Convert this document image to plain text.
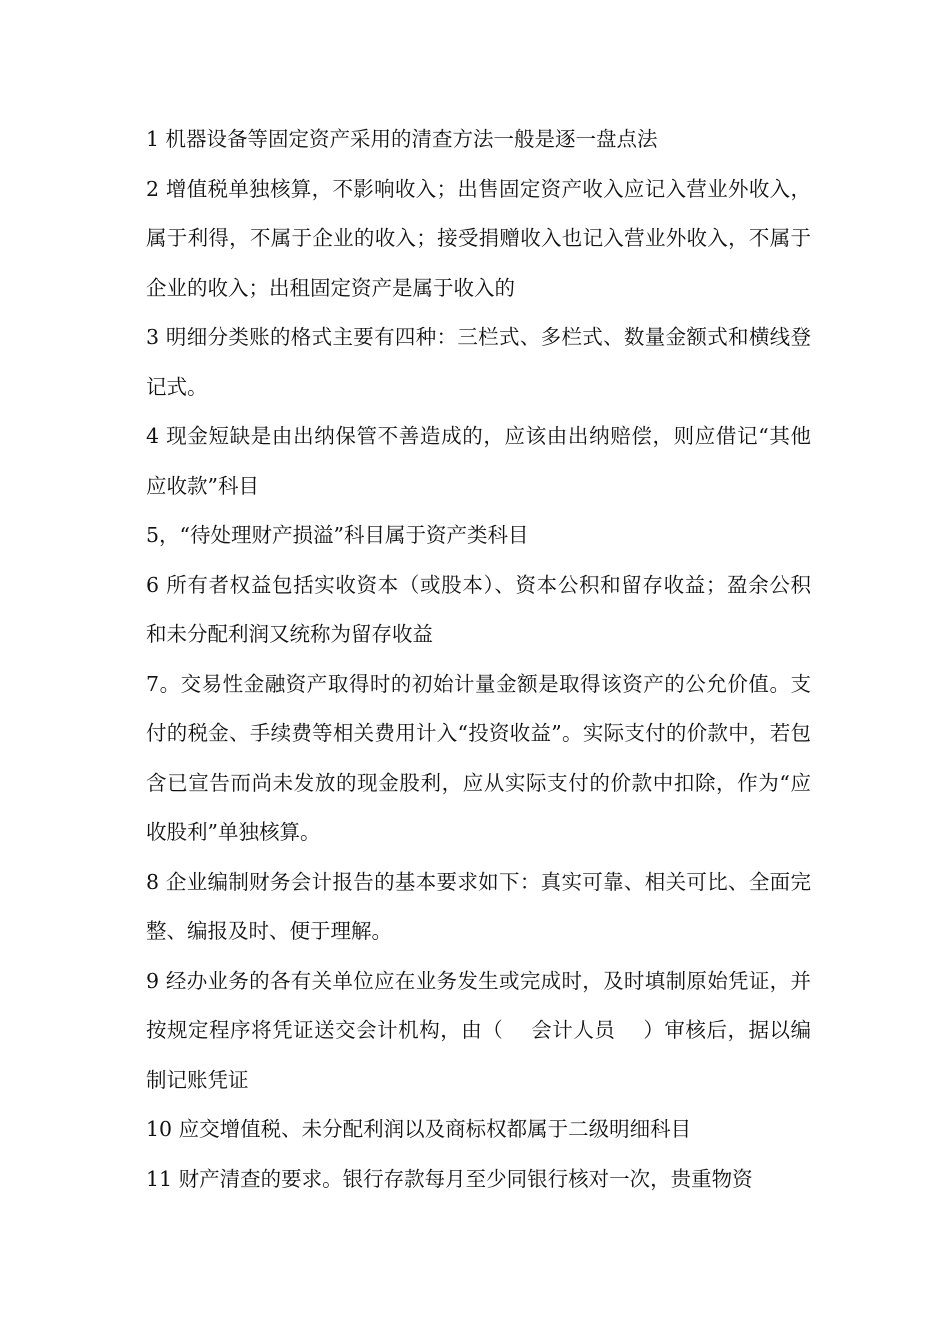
1 机器设备等固定资产采用的清查方法一般是逐一盘点法

2 增值税单独核算，不影响收入；出售固定资产收入应记入营业外收入，属于利得，不属于企业的收入；接受捐赠收入也记入营业外收入，不属于企业的收入；出租固定资产是属于收入的

3 明细分类账的格式主要有四种：三栏式、多栏式、数量金额式和横线登记式。

4 现金短缺是由出纳保管不善造成的，应该由出纳赔偿，则应借记“其他应收款”科目

5，“待处理财产损溢”科目属于资产类科目

6 所有者权益包括实收资本（或股本）、资本公积和留存收益；盈余公积和未分配利润又统称为留存收益

7。交易性金融资产取得时的初始计量金额是取得该资产的公允价值。支付的税金、手续费等相关费用计入“投资收益”。实际支付的价款中，若包含已宣告而尚未发放的现金股利，应从实际支付的价款中扣除，作为“应收股利”单独核算。

8 企业编制财务会计报告的基本要求如下：真实可靠、相关可比、全面完整、编报及时、便于理解。

9 经办业务的各有关单位应在业务发生或完成时，及时填制原始凭证，并按规定程序将凭证送交会计机构，由（　 会计人员　 ）审核后，据以编制记账凭证

10 应交增值税、未分配利润以及商标权都属于二级明细科目

11 财产清查的要求。银行存款每月至少同银行核对一次，贵重物资
